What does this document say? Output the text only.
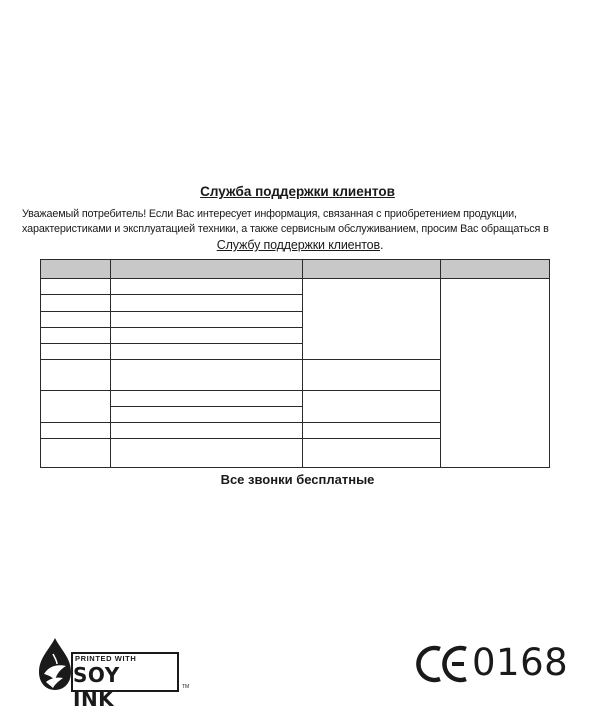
Служба поддержки клиентов
Уважаемый потребитель! Если Вас интересует информация, связанная с приобретением продукции,
характеристиками и эксплуатацией техники, а также сервисным обслуживанием, просим Вас обращаться в
Службу поддержки клиентов.

Все звонки бесплатные
PRINTED WITH
SOY INK	TM
0168
